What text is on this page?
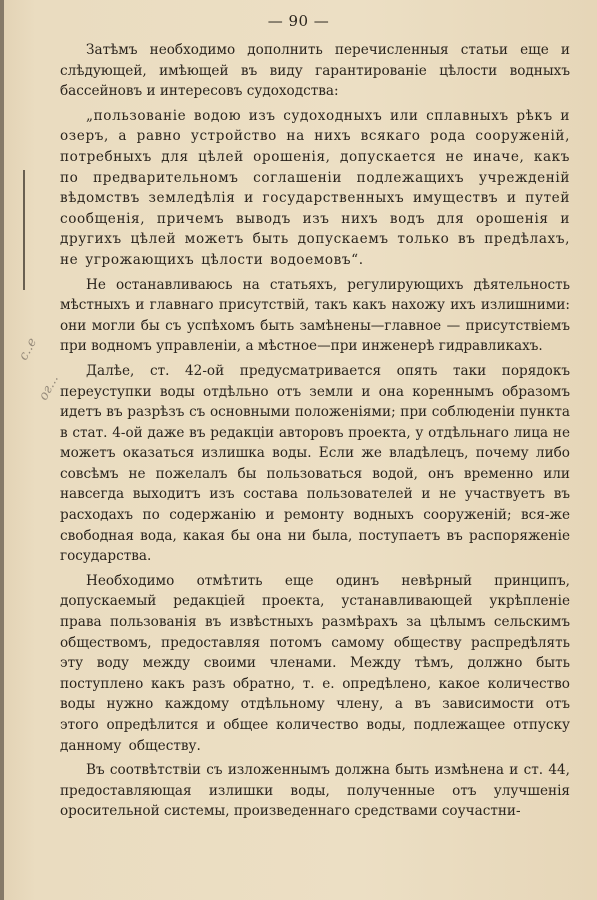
— 90 —
с..е
ог...

Затѣмъ необходимо дополнить перечисленныя статьи еще и слѣдующей, имѣющей въ виду гарантированіе цѣлости водныхъ бассейновъ и интересовъ судоходства:

„пользованіе водою изъ судоходныхъ или сплавныхъ рѣкъ и озеръ, а равно устройство на нихъ всякаго рода сооруженій, потребныхъ для цѣлей орошенія, допускается не иначе, какъ по предварительномъ соглашеніи подлежащихъ учрежденій вѣдомствъ земледѣлія и государственныхъ имуществъ и путей сообщенія, причемъ выводъ изъ нихъ водъ для орошенія и другихъ цѣлей можетъ быть допускаемъ только въ предѣлахъ, не угрожающихъ цѣлости водоемовъ“.

Не останавливаюсь на статьяхъ, регулирующихъ дѣятельность мѣстныхъ и главнаго присутствій, такъ какъ нахожу ихъ излишними: они могли бы съ успѣхомъ быть замѣнены—главное — присутствіемъ при водномъ управленіи, а мѣстное—при инженерѣ гидравликахъ.

Далѣе, ст. 42-ой предусматривается опять таки порядокъ переуступки воды отдѣльно отъ земли и она кореннымъ образомъ идетъ въ разрѣзъ съ основными положеніями; при соблюденіи пункта в стат. 4-ой даже въ редакціи авторовъ проекта, у отдѣльнаго лица не можетъ оказаться излишка воды. Если же владѣлецъ, почему либо совсѣмъ не пожелалъ бы пользоваться водой, онъ временно или навсегда выходитъ изъ состава пользователей и не участвуетъ въ расходахъ по содержанію и ремонту водныхъ сооруженій; вся-же свободная вода, какая бы она ни была, поступаетъ въ распоряженіе государства.

Необходимо отмѣтить еще одинъ невѣрный принципъ, допускаемый редакціей проекта, устанавливающей укрѣпленіе права пользованія въ извѣстныхъ размѣрахъ за цѣлымъ сельскимъ обществомъ, предоставляя потомъ самому обществу распредѣлять эту воду между своими членами. Между тѣмъ, должно быть поступлено какъ разъ обратно, т. е. опредѣлено, какое количество воды нужно каждому отдѣльному члену, а въ зависимости отъ этого опредѣлится и общее количество воды, подлежащее отпуску данному обществу.

Въ соотвѣтствіи съ изложеннымъ должна быть измѣнена и ст. 44, предоставляющая излишки воды, полученные отъ улучшенія оросительной системы, произведеннаго средствами соучастни-
